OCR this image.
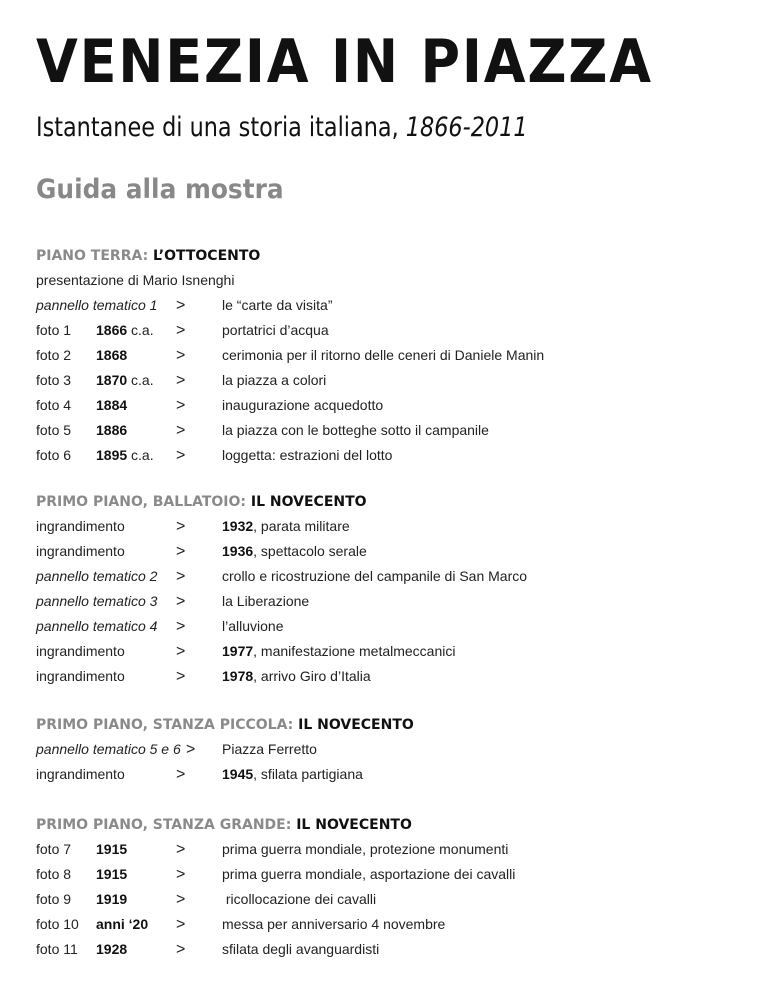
VENEZIA IN PIAZZA
Istantanee di una storia italiana, 1866-2011
Guida alla mostra
PIANO TERRA: L’OTTOCENTO
presentazione di Mario Isnenghi
pannello tematico 1 >	le “carte da visita”
foto 1 1866 c.a. >	portatrici d’acqua
foto 2 1868	>	cerimonia per il ritorno delle ceneri di Daniele Manin
foto 3 1870 c.a. >	la piazza a colori
foto 4 1884	>	inaugurazione acquedotto
foto 5 1886	>	la piazza con le botteghe sotto il campanile
foto 6 1895 c.a. >	loggetta: estrazioni del lotto
PRIMO PIANO, BALLATOIO: IL NOVECENTO
ingrandimento	>	1932, parata militare
ingrandimento	>	1936, spettacolo serale
pannello tematico 2 >	crollo e ricostruzione del campanile di San Marco
pannello tematico 3 >	la Liberazione
pannello tematico 4 >	l’alluvione
ingrandimento	>	1977, manifestazione metalmeccanici
ingrandimento	>	1978, arrivo Giro d’Italia
PRIMO PIANO, STANZA PICCOLA: IL NOVECENTO
pannello tematico 5 e 6 > Piazza Ferretto
ingrandimento	>	1945, sfilata partigiana
PRIMO PIANO, STANZA GRANDE: IL NOVECENTO
foto 7 1915	>	prima guerra mondiale, protezione monumenti
foto 8 1915	>	prima guerra mondiale, asportazione dei cavalli
foto 9 1919	>	ricollocazione dei cavalli
foto 10 anni ‘20 >	messa per anniversario 4 novembre
foto 11 1928	>	sfilata degli avanguardisti
